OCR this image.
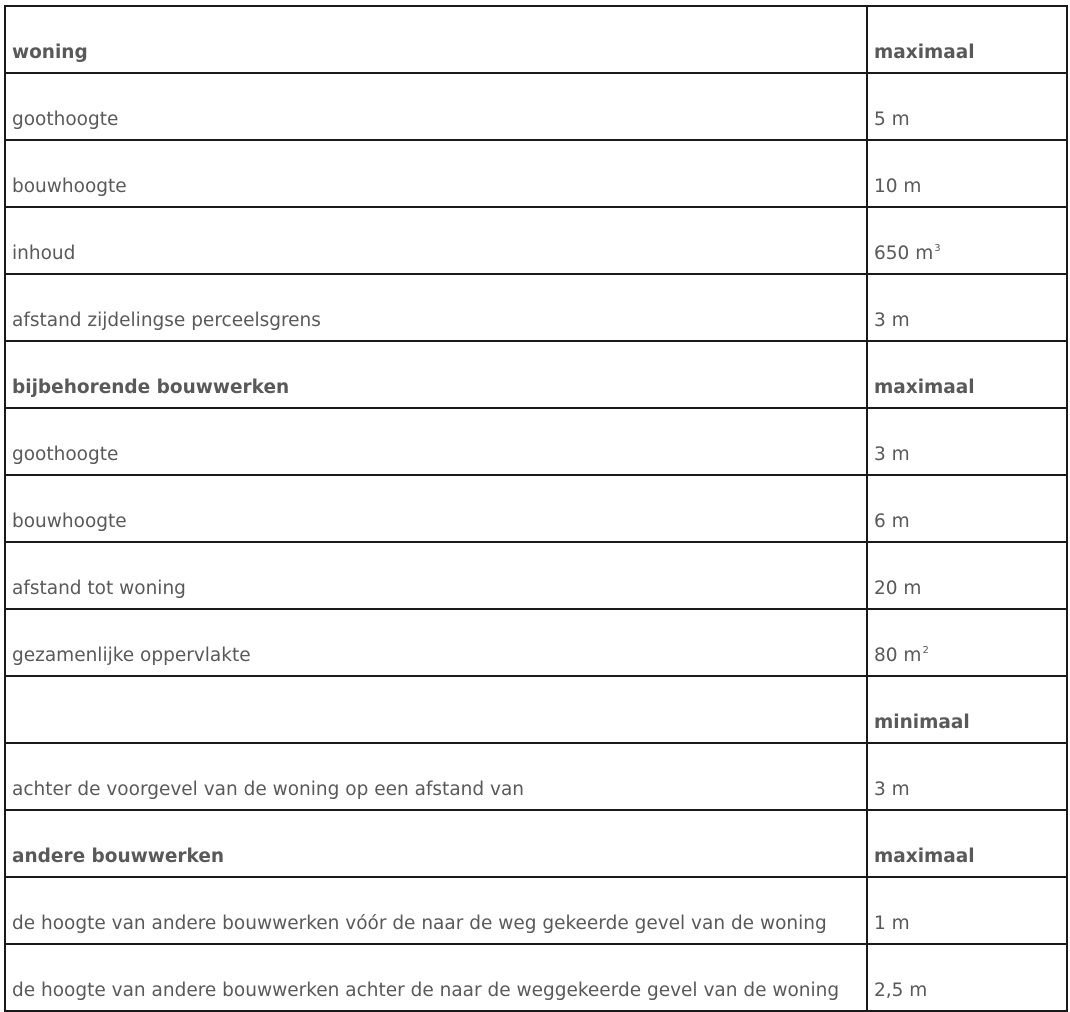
woning	maximaal
goothoogte	5 m
bouwhoogte	10 m
inhoud	650 $m^3$
afstand zijdelingse perceelsgrens	3 m
bijbehorende bouwwerken	maximaal
goothoogte	3 m
bouwhoogte	6 m
afstand tot woning	20 m
gezamenlijke oppervlakte	80 $m^2$
	minimaal
achter de voorgevel van de woning op een afstand van	3 m
andere bouwwerken	maximaal
de hoogte van andere bouwwerken vóór de naar de weg gekeerde gevel van de woning	1 m
de hoogte van andere bouwwerken achter de naar de weggekeerde gevel van de woning	2,5 m
